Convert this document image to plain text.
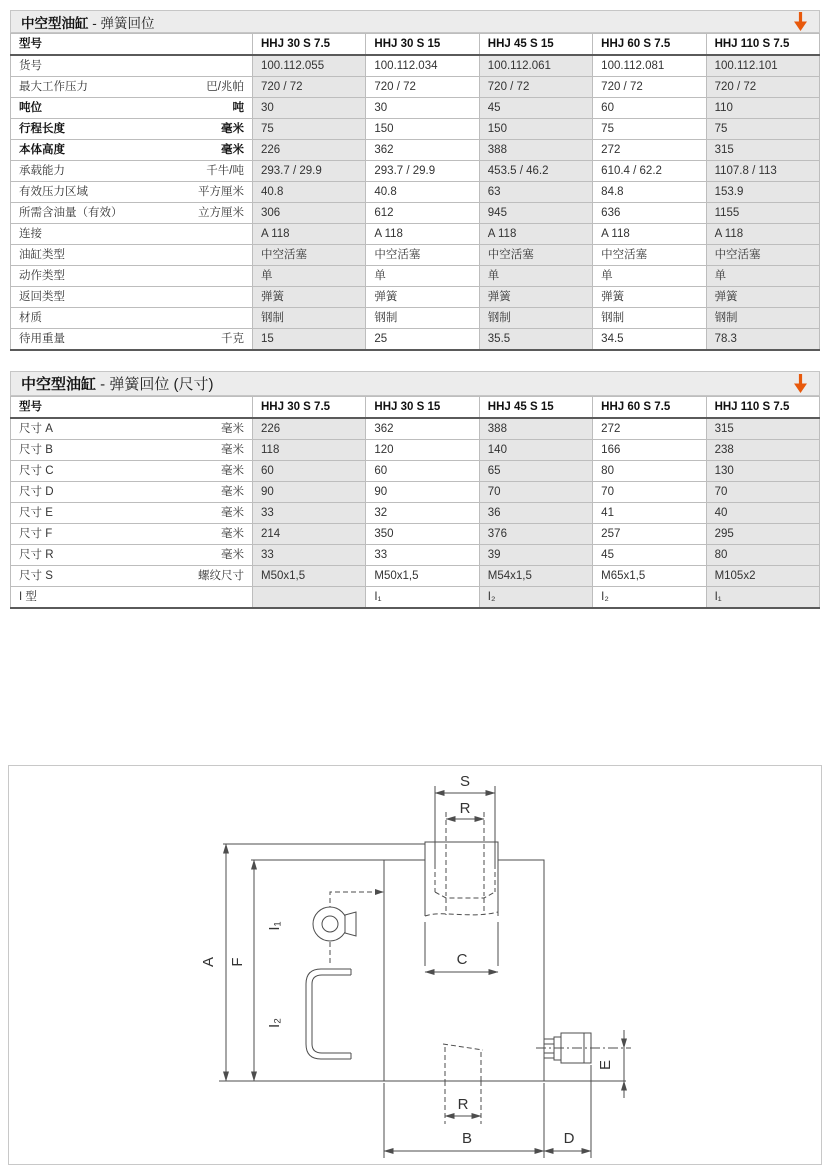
中空型油缸 - 弹簧回位
型号	HHJ 30 S 7.5	HHJ 30 S 15	HHJ 45 S 15	HHJ 60 S 7.5	HHJ 110 S 7.5

货号	100.112.055	100.112.034	100.112.061	100.112.081	100.112.101

最大工作压力 巴/兆帕	720 / 72	720 / 72	720 / 72	720 / 72	720 / 72

吨位 吨	30	30	45	60	110

行程长度 毫米	75	150	150	75	75

本体高度 毫米	226	362	388	272	315

承载能力 千牛/吨	293.7 / 29.9	293.7 / 29.9	453.5 / 46.2	610.4 / 62.2	1107.8 / 113

有效压力区域 平方厘米	40.8	40.8	63	84.8	153.9

所需含油量（有效） 立方厘米	306	612	945	636	1155

连接	A 118	A 118	A 118	A 118	A 118

油缸类型	中空活塞	中空活塞	中空活塞	中空活塞	中空活塞

动作类型	单	单	单	单	单

返回类型	弹簧	弹簧	弹簧	弹簧	弹簧

材质	钢制	钢制	钢制	钢制	钢制

待用重量 千克	15	25	35.5	34.5	78.3
中空型油缸 - 弹簧回位 (尺寸)
型号	HHJ 30 S 7.5	HHJ 30 S 15	HHJ 45 S 15	HHJ 60 S 7.5	HHJ 110 S 7.5

尺寸 A 毫米	226	362	388	272	315

尺寸 B 毫米	118	120	140	166	238

尺寸 C 毫米	60	60	65	80	130

尺寸 D 毫米	90	90	70	70	70

尺寸 E 毫米	33	32	36	41	40

尺寸 F 毫米	214	350	376	257	295

尺寸 R 毫米	33	33	39	45	80

尺寸 S 螺纹尺寸	M50x1,5	M50x1,5	M54x1,5	M65x1,5	M105x2

I 型		I₁	I₂	I₂	I₁
S
R
A F
I₁
I₂
C
E
R
B	D
